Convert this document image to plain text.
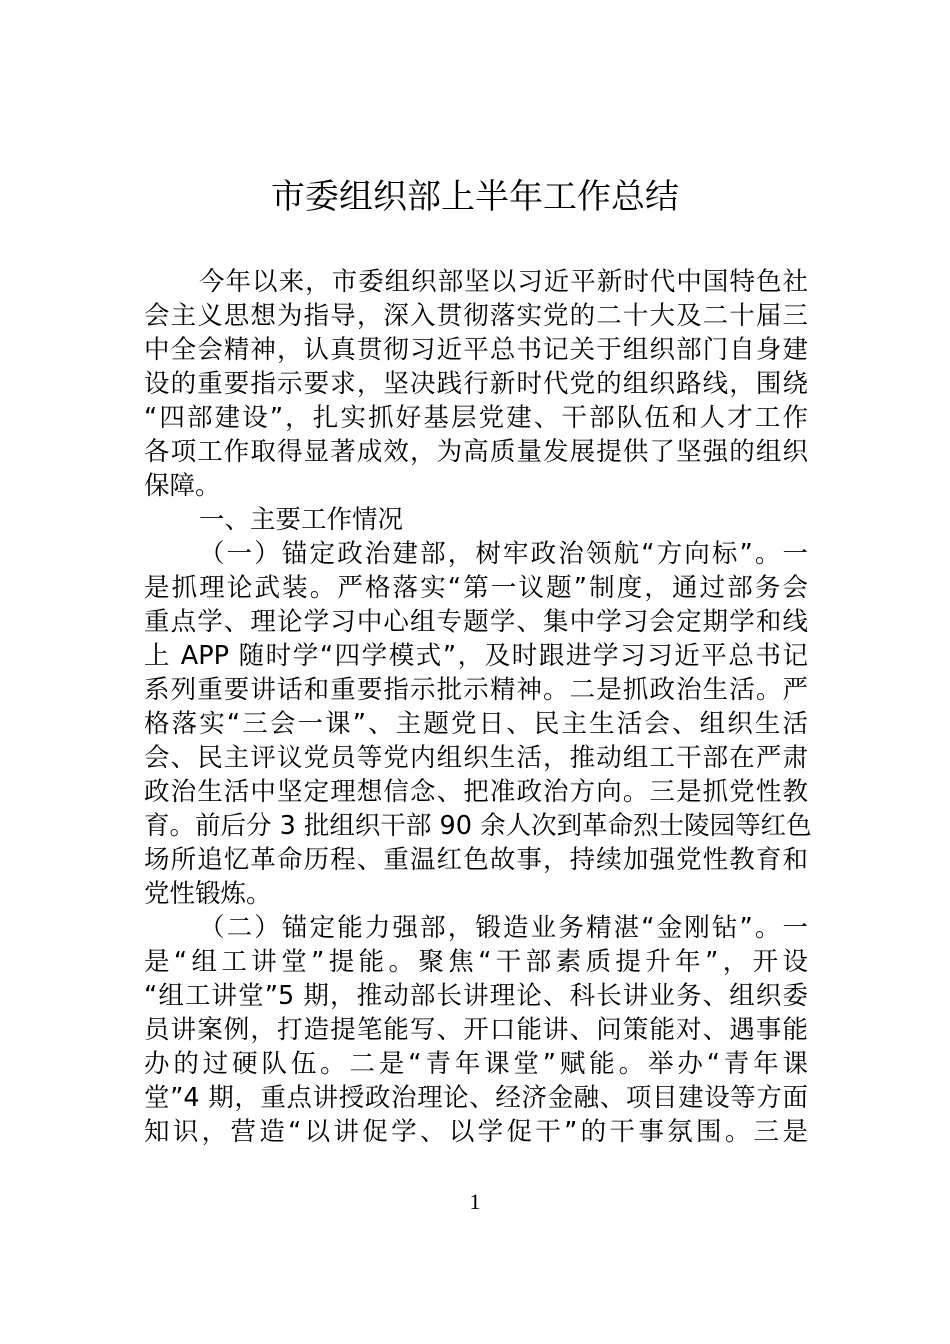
市委组织部上半年工作总结
今年以来，市委组织部坚以习近平新时代中国特色社
会主义思想为指导，深入贯彻落实党的二十大及二十届三
中全会精神，认真贯彻习近平总书记关于组织部门自身建
设的重要指示要求，坚决践行新时代党的组织路线，围绕
“四部建设”，扎实抓好基层党建、干部队伍和人才工作
各项工作取得显著成效，为高质量发展提供了坚强的组织
保障。
一、主要工作情况
（一）锚定政治建部，树牢政治领航“方向标”。一
是抓理论武装。严格落实“第一议题”制度，通过部务会
重点学、理论学习中心组专题学、集中学习会定期学和线
上 APP 随时学“四学模式”，及时跟进学习习近平总书记
系列重要讲话和重要指示批示精神。二是抓政治生活。严
格落实“三会一课”、主题党日、民主生活会、组织生活
会、民主评议党员等党内组织生活，推动组工干部在严肃
政治生活中坚定理想信念、把准政治方向。三是抓党性教
育。前后分 3 批组织干部 90 余人次到革命烈士陵园等红色
场所追忆革命历程、重温红色故事，持续加强党性教育和
党性锻炼。
（二）锚定能力强部，锻造业务精湛“金刚钻”。一
是“组工讲堂”提能。聚焦“干部素质提升年”，开设
“组工讲堂”5 期，推动部长讲理论、科长讲业务、组织委
员讲案例，打造提笔能写、开口能讲、问策能对、遇事能
办的过硬队伍。二是“青年课堂”赋能。举办“青年课
堂”4 期，重点讲授政治理论、经济金融、项目建设等方面
知识，营造“以讲促学、以学促干”的干事氛围。三是
1
